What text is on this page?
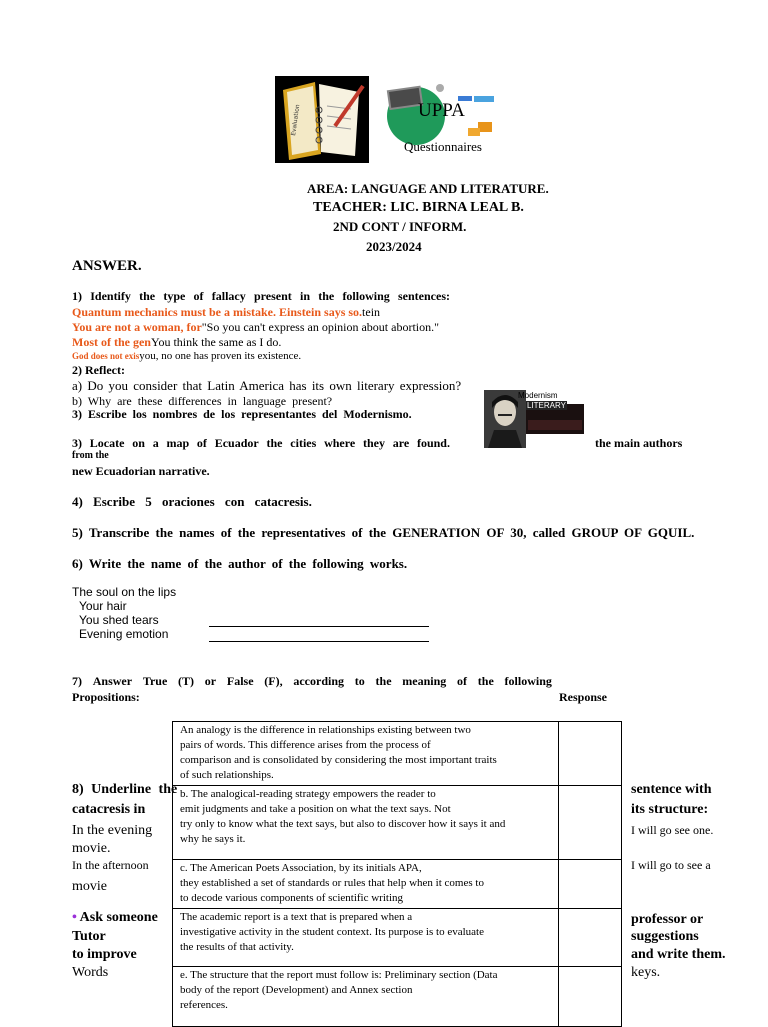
Evaluation	UPPA
Questionnaires
AREA: LANGUAGE AND LITERATURE.
TEACHER: LIC. BIRNA LEAL B.
2ND CONT / INFORM.
2023/2024
ANSWER.
1) Identify the type of fallacy present in the following sentences:
Quantum mechanics must be a mistake. Einstein says so.tein
You are not a woman, for"So you can't express an opinion about abortion."
Most of the genYou think the same as I do.
God does not exisyou, no one has proven its existence.
2) Reflect:
a) Do you consider that Latin America has its own literary expression?
b) Why are these differences in language present?
3) Escribe los nombres de los representantes del Modernismo.
Modernism
LITERARY
3) Locate on a map of Ecuador the cities where they are found.	the main authors
from the
new Ecuadorian narrative.
4) Escribe 5 oraciones con catacresis.
5) Transcribe the names of the representatives of the GENERATION OF 30, called GROUP OF GQUIL.
6) Write the name of the author of the following works.
The soul on the lips
Your hair
You shed tears
Evening emotion
7) Answer True (T) or False (F), according to the meaning of the following
Propositions:	Response
An analogy is the difference in relationships existing between two
pairs of words. This difference arises from the process of
comparison and is consolidated by considering the most important traits
of such relationships.	

b. The analogical-reading strategy empowers the reader to
emit judgments and take a position on what the text says. Not
try only to know what the text says, but also to discover how it says it and
why he says it.	

c. The American Poets Association, by its initials APA,
they established a set of standards or rules that help when it comes to
to decode various components of scientific writing	

The academic report is a text that is prepared when a
investigative activity in the student context. Its purpose is to evaluate
the results of that activity.	

e. The structure that the report must follow is: Preliminary section (Data
body of the report (Development) and Annex section
references.	

8) Underline the
catacresis in
In the evening
movie.
In the afternoon
movie
sentence with
its structure:
I will go see one.
I will go to see a
• Ask someone
Tutor
to improve
Words
professor or
suggestions
and write them.
keys.
